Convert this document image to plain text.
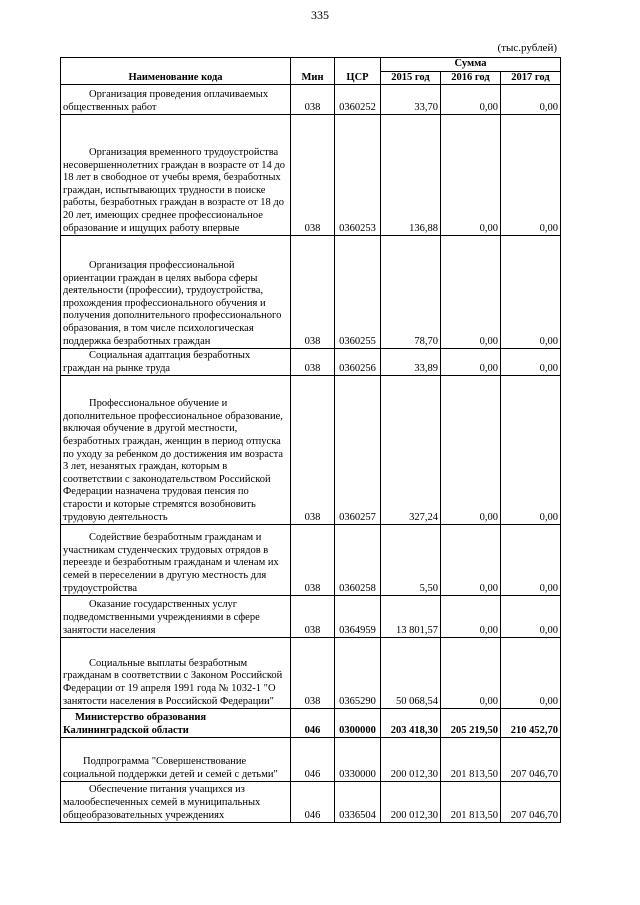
335
(тыс.рублей)
Наименование кода	Мин	ЦСР	Сумма		
			2015 год	2016 год	2017 год
Организация проведения оплачиваемых общественных работ	038	0360252	33,70	0,00	0,00
Организация временного трудоустройства несовершеннолетних граждан в возрасте от 14 до 18 лет в свободное от учебы время, безработных граждан, испытывающих трудности в поиске работы, безработных граждан в возрасте от 18 до 20 лет, имеющих среднее профессиональное образование и ищущих работу впервые	038	0360253	136,88	0,00	0,00
Организация профессиональной ориентации граждан в целях выбора сферы деятельности (профессии), трудоустройства, прохождения профессионального обучения и получения дополнительного профессионального образования, в том числе психологическая поддержка безработных граждан	038	0360255	78,70	0,00	0,00
Социальная адаптация безработных граждан на рынке труда	038	0360256	33,89	0,00	0,00
Профессиональное обучение и дополнительное профессиональное образование, включая обучение в другой местности, безработных граждан, женщин в период отпуска по уходу за ребенком до достижения им возраста 3 лет, незанятых граждан, которым в соответствии с законодательством Российской Федерации назначена трудовая пенсия по старости и которые стремятся возобновить трудовую деятельность	038	0360257	327,24	0,00	0,00
Содействие безработным гражданам и участникам студенческих трудовых отрядов в переезде и безработным гражданам и членам их семей в переселении в другую местность для трудоустройства	038	0360258	5,50	0,00	0,00
Оказание государственных услуг подведомственными учреждениями в сфере занятости населения	038	0364959	13 801,57	0,00	0,00
Социальные выплаты безработным гражданам в соответствии с Законом Российской Федерации от 19 апреля 1991 года № 1032-1 "О занятости населения в Российской Федерации"	038	0365290	50 068,54	0,00	0,00
Министерство образования Калининградской области	046	0300000	203 418,30	205 219,50	210 452,70
Подпрограмма "Совершенствование социальной поддержки детей и семей с детьми"	046	0330000	200 012,30	201 813,50	207 046,70
Обеспечение питания учащихся из малообеспеченных семей в муниципальных общеобразовательных учреждениях	046	0336504	200 012,30	201 813,50	207 046,70
